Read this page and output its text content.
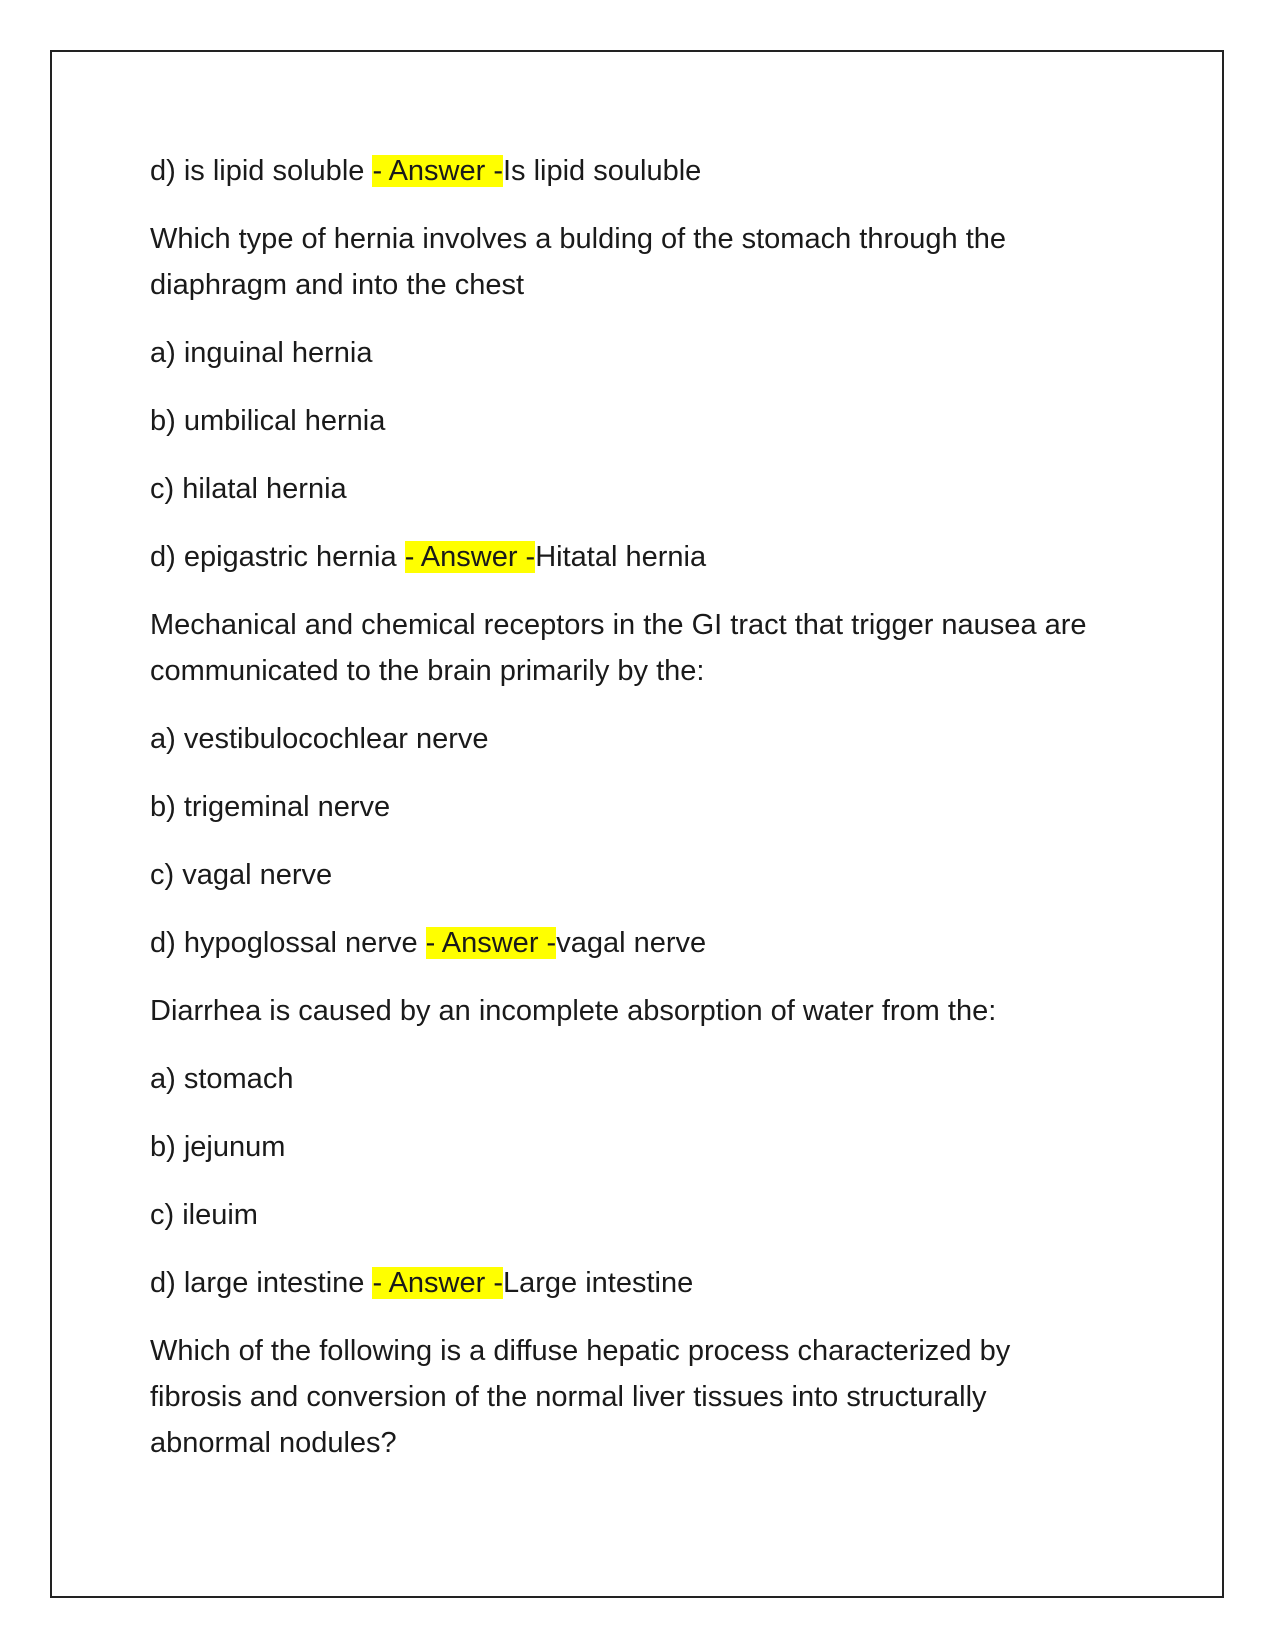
d) is lipid soluble - Answer -Is lipid souluble

Which type of hernia involves a bulding of the stomach through the diaphragm and into the chest

a) inguinal hernia

b) umbilical hernia

c) hilatal hernia

d) epigastric hernia - Answer -Hitatal hernia

Mechanical and chemical receptors in the GI tract that trigger nausea are communicated to the brain primarily by the:

a) vestibulocochlear nerve

b) trigeminal nerve

c) vagal nerve

d) hypoglossal nerve - Answer -vagal nerve

Diarrhea is caused by an incomplete absorption of water from the:

a) stomach

b) jejunum

c) ileuim

d) large intestine - Answer -Large intestine

Which of the following is a diffuse hepatic process characterized by fibrosis and conversion of the normal liver tissues into structurally abnormal nodules?
